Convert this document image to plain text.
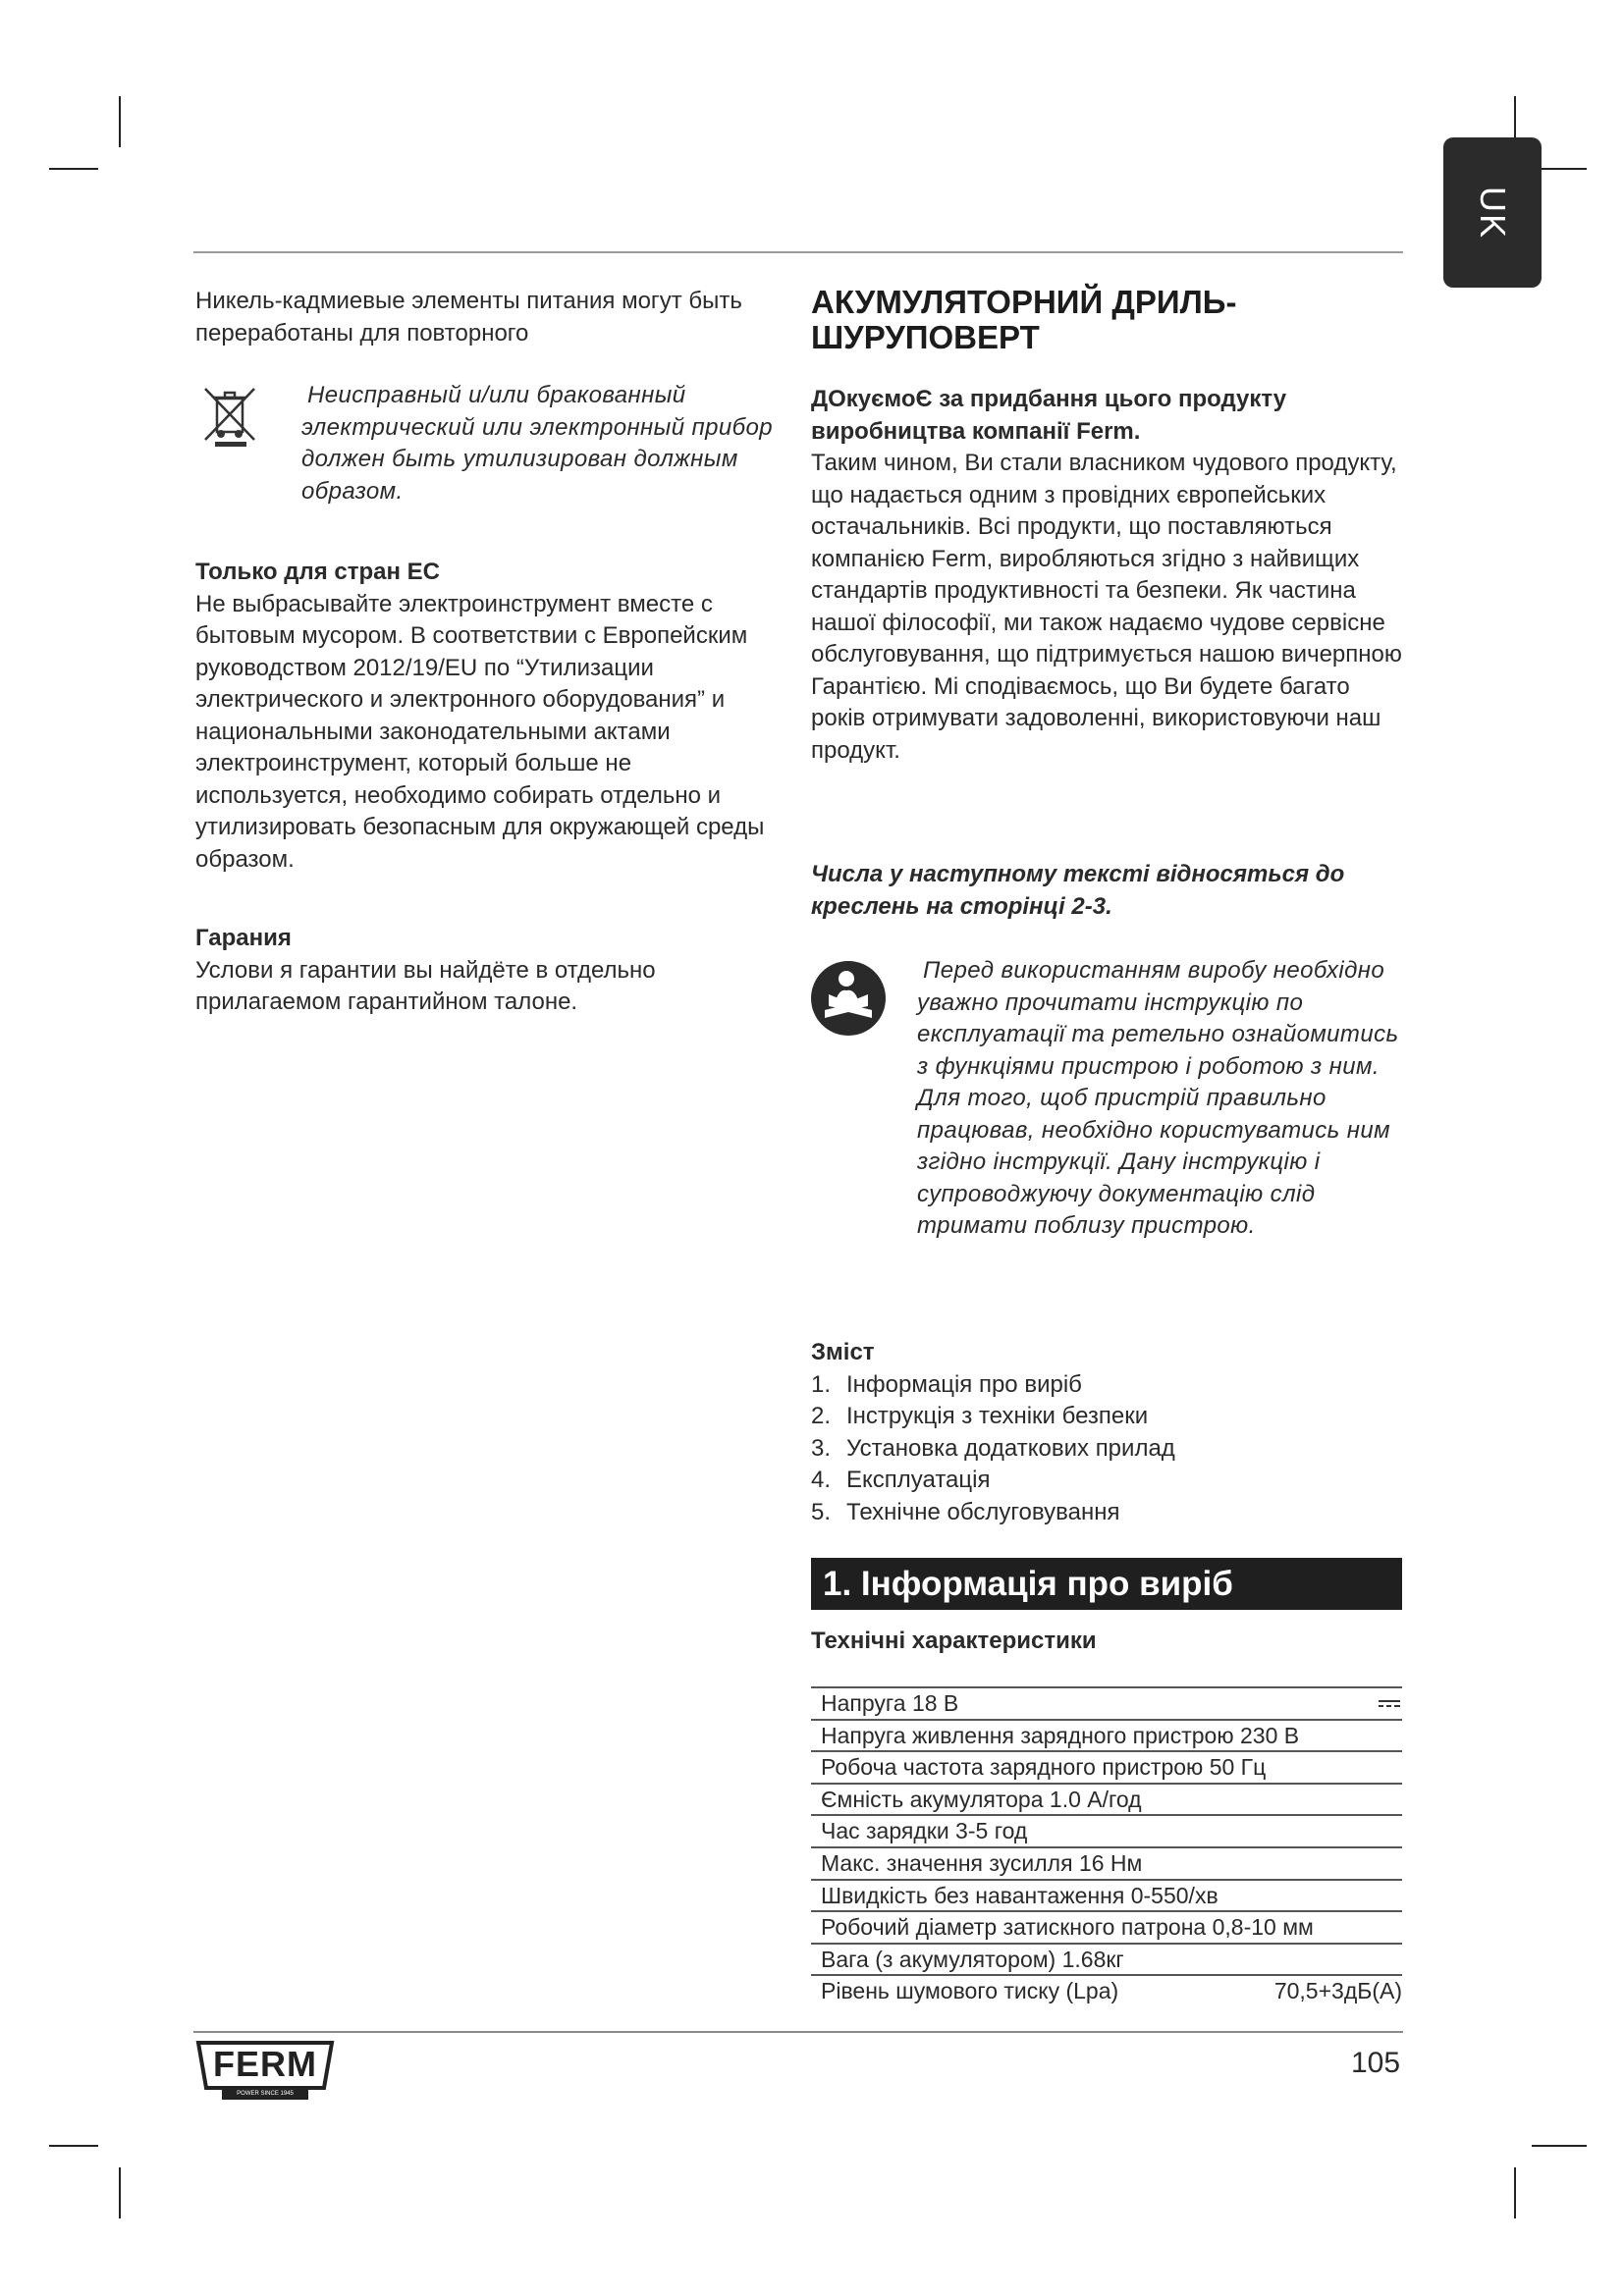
UK

Никель-кадмиевые элементы питания могут быть переработаны для повторного

Неисправный и/или бракованный электрический или электронный прибор должен быть утилизирован должным образом.

Только для стран ЕС

Не выбрасывайте электроинструмент вместе с бытовым мусором. В соответствии с Европейским руководством 2012/19/EU по “Утилизации электрического и электронного оборудования” и национальными законодательными актами электроинструмент, который больше не используется, необходимо собирать отдельно и утилизировать безопасным для окружающей среды образом.

Гарания

Услови я гарантии вы найдёте в отдельно прилагаемом гарантийном талоне.

АКУМУЛЯТОРНИЙ ДРИЛЬ-
ШУРУПОВЕРТ

ДОкуємоЄ за придбання цього продукту виробництва компанії Ferm.

Таким чином, Ви стали власником чудового продукту, що надається одним з провідних європейських остачальників. Всі продукти, що поставляються компанією Ferm, виробляються згідно з найвищих стандартів продуктивності та безпеки. Як частина нашої філософії, ми також надаємо чудове сервісне обслуговування, що підтримується нашою вичерпною Гарантією. Мі сподіваємось, що Ви будете багато років отримувати задоволенні, використовуючи наш продукт.

Числа у наступному тексті відносяться до креслень на сторінці 2-3.

Перед використанням виробу необхідно уважно прочитати інструкцію по експлуатації та ретельно ознайомитись з функціями пристрою і роботою з ним. Для того, щоб пристрій правильно працював, необхідно користуватись ним згідно інструкції. Дану інструкцію і супроводжуючу документацію слід тримати поблизу пристрою.

Зміст

1. Інформація про виріб
2. Інструкція з техніки безпеки
3. Установка додаткових прилад
4. Експлуатація
5. Технічне обслуговування
1. Інформація про виріб

Технічні характеристики

Напруга 18 В
Напруга живлення зарядного пристрою 230 В
Робоча частота зарядного пристрою 50 Гц
Ємність акумулятора 1.0 А/год
Час зарядки 3-5 год
Макс. значення зусилля 16 Нм
Швидкість без навантаження 0-550/хв
Робочий діаметр затискного патрона 0,8-10 мм
Вага (з акумулятором) 1.68кг
Рівень шумового тиску (Lpa)	70,5+3дБ(A)
FERM
POWER SINCE 1945
105
